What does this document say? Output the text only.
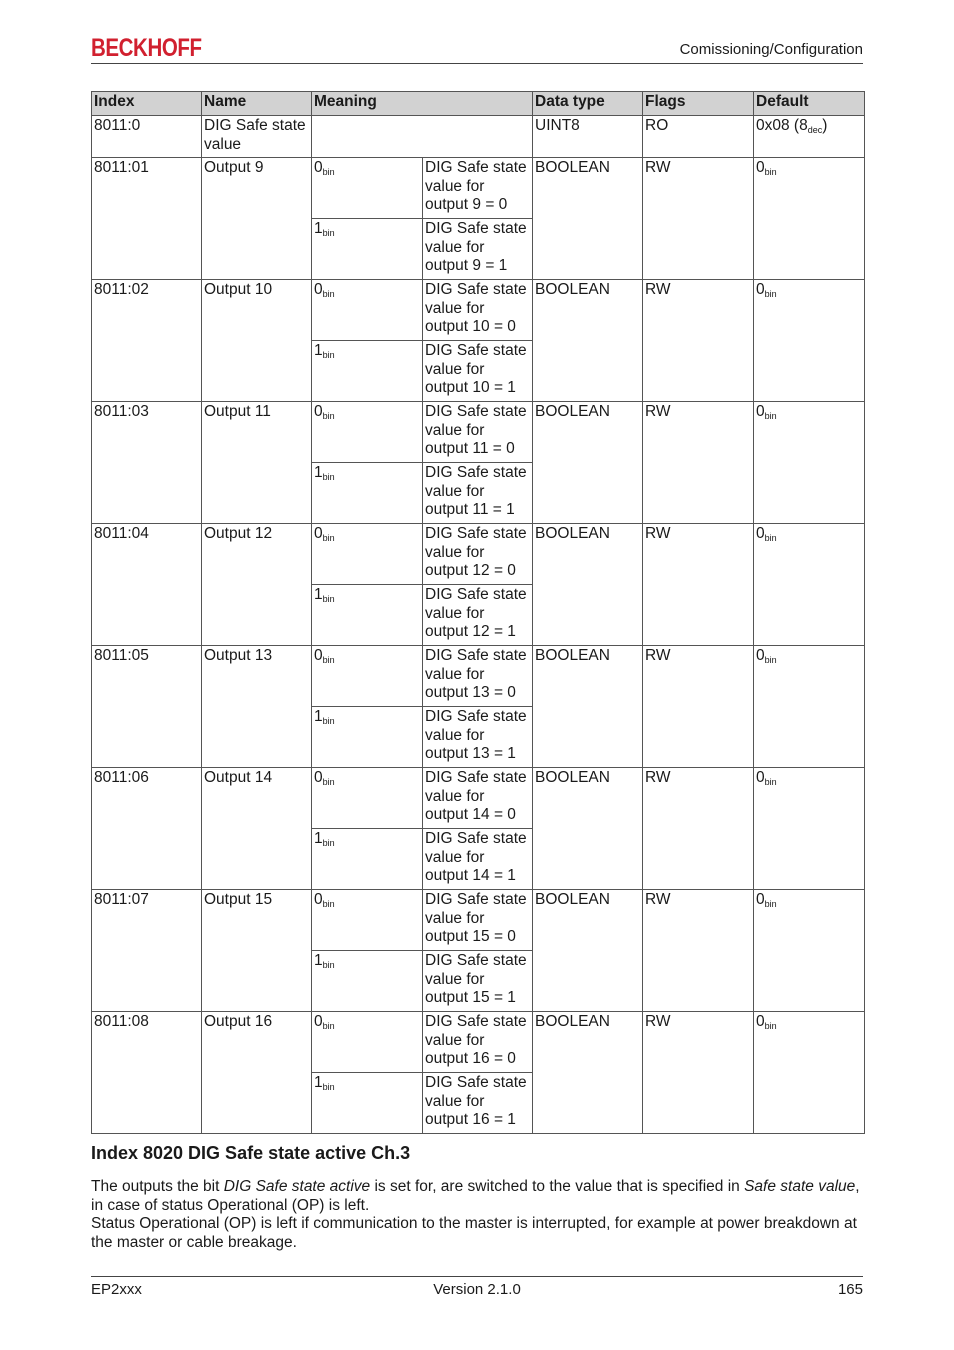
BECKHOFF	Comissioning/Configuration
Index	Name	Meaning		Data type	Flags	Default
8011:0	DIG Safe state value			UINT8	RO	0x08 $(8_{dec})$
8011:01	Output 9	$0_{bin}$	DIG Safe state value for output 9 = 0	BOOLEAN	RW	$0_{bin}$
		$1_{bin}$	DIG Safe state value for output 9 = 1			
8011:02	Output 10	$0_{bin}$	DIG Safe state value for output 10 = 0	BOOLEAN	RW	$0_{bin}$
		$1_{bin}$	DIG Safe state value for output 10 = 1			
8011:03	Output 11	$0_{bin}$	DIG Safe state value for output 11 = 0	BOOLEAN	RW	$0_{bin}$
		$1_{bin}$	DIG Safe state value for output 11 = 1			
8011:04	Output 12	$0_{bin}$	DIG Safe state value for output 12 = 0	BOOLEAN	RW	$0_{bin}$
		$1_{bin}$	DIG Safe state value for output 12 = 1			
8011:05	Output 13	$0_{bin}$	DIG Safe state value for output 13 = 0	BOOLEAN	RW	$0_{bin}$
		$1_{bin}$	DIG Safe state value for output 13 = 1			
8011:06	Output 14	$0_{bin}$	DIG Safe state value for output 14 = 0	BOOLEAN	RW	$0_{bin}$
		$1_{bin}$	DIG Safe state value for output 14 = 1			
8011:07	Output 15	$0_{bin}$	DIG Safe state value for output 15 = 0	BOOLEAN	RW	$0_{bin}$
		$1_{bin}$	DIG Safe state value for output 15 = 1			
8011:08	Output 16	$0_{bin}$	DIG Safe state value for output 16 = 0	BOOLEAN	RW	$0_{bin}$
		$1_{bin}$	DIG Safe state value for output 16 = 1			
Index 8020 DIG Safe state active Ch.3

The outputs the bit DIG Safe state active is set for, are switched to the value that is specified in Safe state value, in case of status Operational (OP) is left.

Status Operational (OP) is left if communication to the master is interrupted, for example at power breakdown at the master or cable breakage.

EP2xxx	Version 2.1.0	165
